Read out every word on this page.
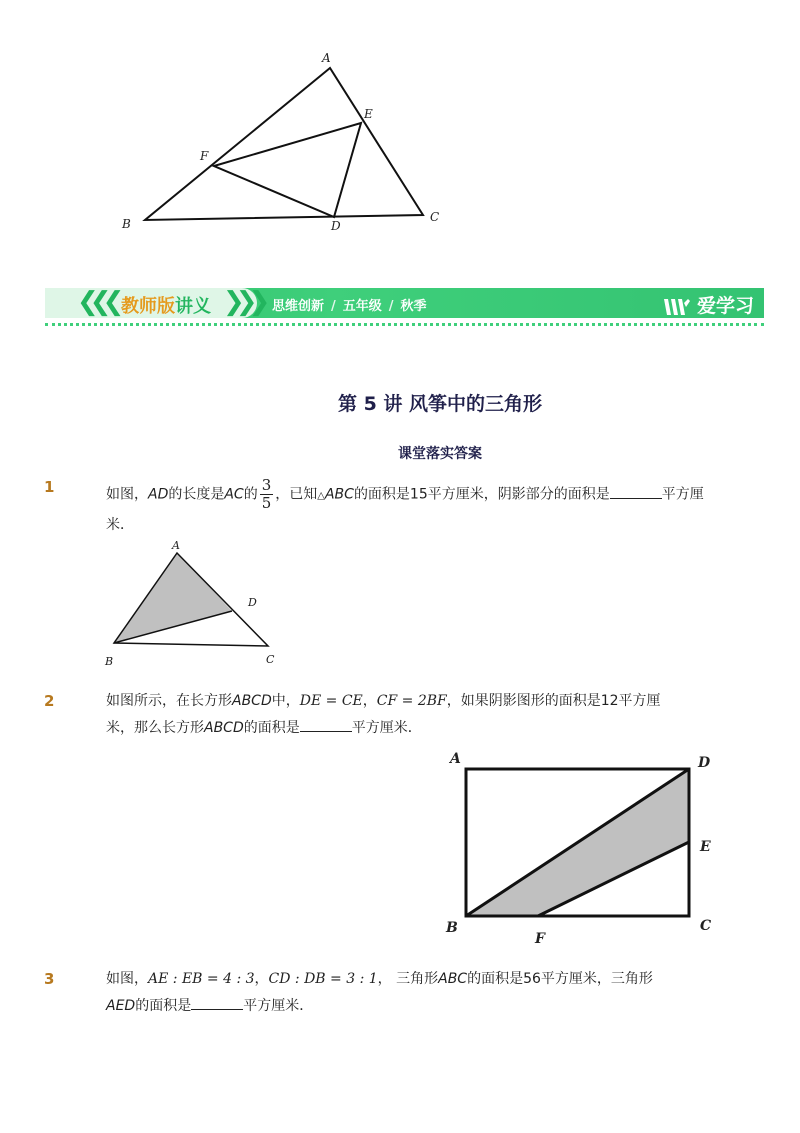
A
B	C
D
E
F
❮❮❮ 教师版讲义 ❯❯❯ 思维创新 / 五年级 / 秋季	爱学习
第 5 讲 风筝中的三角形
课堂落实答案
1	如图，AD的长度是AC的 $\frac{3}{5}$ ，已知△ABC的面积是15平方厘米，阴影部分的面积是	平方厘
米．
A
B	C
D
2	如图所示，在长方形ABCD中，DE = CE，CF = 2BF，如果阴影图形的面积是12平方厘
米，那么长方形ABCD的面积是	平方厘米．
A
B	C
D
E
F
3	如图，AE : EB = 4 : 3，CD : DB = 3 : 1， 三角形ABC的面积是56平方厘米，三角形
AED的面积是	平方厘米．
